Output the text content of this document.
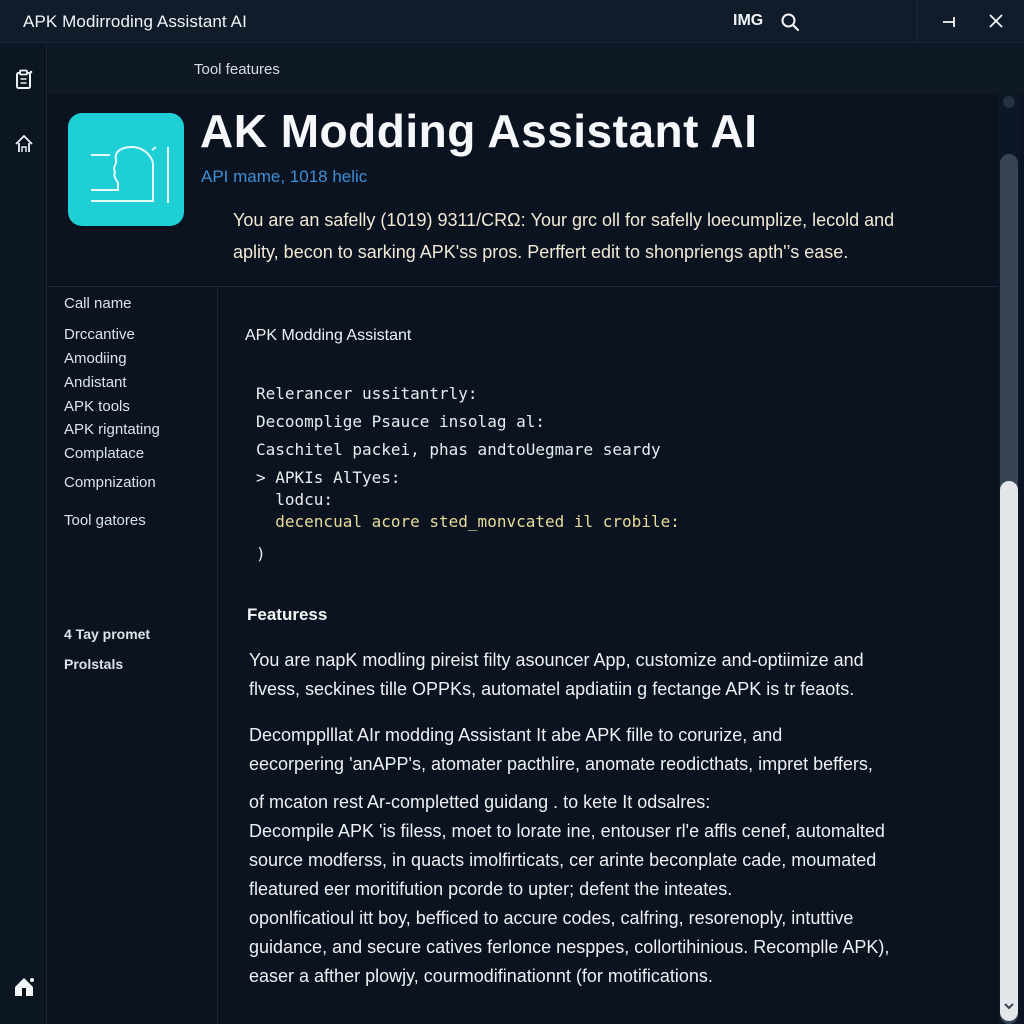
APK Modirroding Assistant AI	IMG
Tool features
AK Modding Assistant AI
API mame, 1018 helic
You are an safelly (1019) 9311/CRΩ: Your grc oll for safelly loecumplize, lecold and
aplity, becon to sarking APK'ss pros. Perffert edit to shonpriengs apth'’s ease.
Call name
Drccantive
Amodiing
Andistant
APK tools
APK rigntating
Complatace
Compnization
Tool gatores
4 Tay promet
Prolstals
APK Modding Assistant
Relerancer ussitantrly:
Decoomplige Psauce insolag al:
Caschitel packei, phas andtoUegmare seardy
> APKIs AlTyes:
lodcu:
decencual acore sted_monvcated il crobile:
)
Featuress
You are napK modling pireist filty asouncer App, customize and-optiimize and
flvess, seckines tille OPPKs, automatel apdiatiin g fectange APK is tr feaots.
Decompplllat AIr modding Assistant It abe APK fille to corurize, and
eecorpering 'anAPP's, atomater pacthlire, anomate reodicthats, impret beffers,
of mcaton rest Ar-completted guidang . to kete It odsalres:
Decompile APK 'is filess, moet to lorate ine, entouser rl'e affls cenef, automalted
source modferss, in quacts imolfirticats, cer arinte beconplate cade, moumated
fleatured eer moritifution pcorde to upter; defent the inteates.
oponlficatioul itt boy, befficed to accure codes, calfring, resorenoply, intuttive
guidance, and secure catives ferlonce nesppes, collortihinious. Recomplle APK),
easer a afther plowjy, courmodifinationnt (for motifications.
